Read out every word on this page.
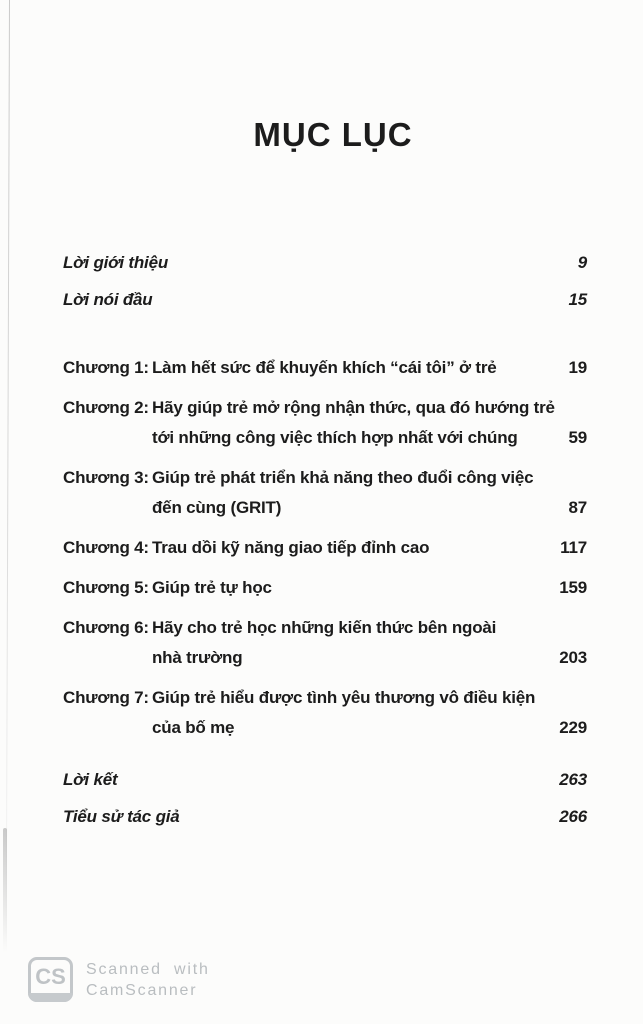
MỤC LỤC
Lời giới thiệu	9
Lời nói đầu	15
Chương 1: Làm hết sức để khuyến khích “cái tôi” ở trẻ	19
Chương 2: Hãy giúp trẻ mở rộng nhận thức, qua đó hướng trẻ
tới những công việc thích hợp nhất với chúng	59
Chương 3: Giúp trẻ phát triển khả năng theo đuổi công việc
đến cùng (GRIT)	87
Chương 4: Trau dồi kỹ năng giao tiếp đỉnh cao	117
Chương 5: Giúp trẻ tự học	159
Chương 6: Hãy cho trẻ học những kiến thức bên ngoài
nhà trường	203
Chương 7: Giúp trẻ hiểu được tình yêu thương vô điều kiện
của bố mẹ	229
Lời kết	263
Tiểu sử tác giả	266
CS Scanned with
CamScanner
